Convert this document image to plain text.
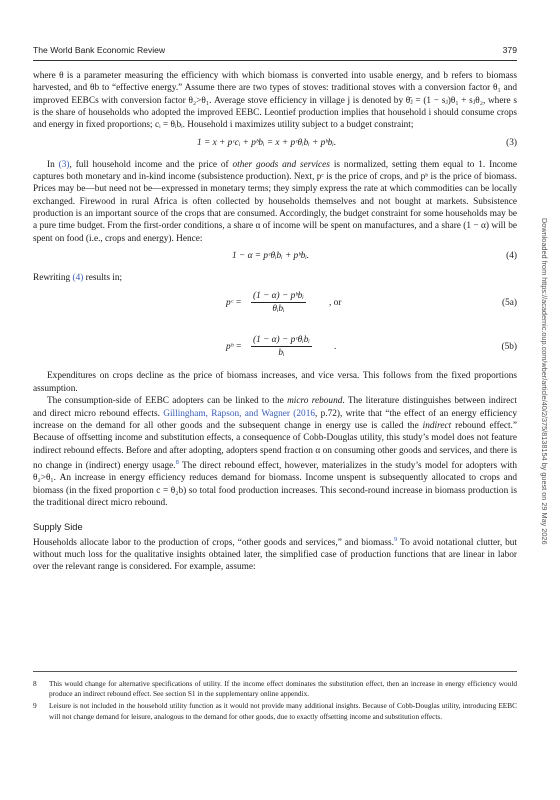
The World Bank Economic Review	379

where θ is a parameter measuring the efficiency with which biomass is converted into usable energy, and b refers to biomass harvested, and θb to “effective energy.” Assume there are two types of stoves: traditional stoves with a conversion factor θ₁ and improved EEBCs with conversion factor θ₂>θ₁. Average stove efficiency in village j is denoted by θ̄ⱼ = (1 − sⱼ)θ₁ + sⱼθ₂, where s is the share of households who adopted the improved EEBC. Leontief production implies that household i should consume crops and energy in fixed proportions; cᵢ = θᵢbᵢ. Household i maximizes utility subject to a budget constraint;

1 = x + pᶜcᵢ + pᵇbᵢ = x + pᶜθᵢbᵢ + pᵇbᵢ.	(3)

In (3), full household income and the price of other goods and services is normalized, setting them equal to 1. Income captures both monetary and in-kind income (subsistence production). Next, pᶜ is the price of crops, and pᵇ is the price of biomass. Prices may be—but need not be—expressed in monetary terms; they simply express the rate at which commodities can be locally exchanged. Firewood in rural Africa is often collected by households themselves and not bought at markets. Subsistence production is an important source of the crops that are consumed. Accordingly, the budget constraint for some households may be a pure time budget. From the first-order conditions, a share α of income will be spent on manufactures, and a share (1 − α) will be spent on food (i.e., crops and energy). Hence:

1 − α = pᶜθᵢbᵢ + pᵇbᵢ.	(4)

Rewriting (4) results in;

pᶜ = $\frac{\text{(1 − α) − pᵇbᵢ}}{\text{θᵢbᵢ}}$ , or	(5a)
pᵇ = $\frac{\text{(1 − α) − pᶜθᵢbᵢ}}{\text{bᵢ}}$ .	(5b)

Expenditures on crops decline as the price of biomass increases, and vice versa. This follows from the fixed proportions assumption.

The consumption-side of EEBC adopters can be linked to the micro rebound. The literature distinguishes between indirect and direct micro rebound effects. Gillingham, Rapson, and Wagner (2016, p.72), write that “the effect of an energy efficiency increase on the demand for all other goods and the subsequent change in energy use is called the indirect rebound effect.” Because of offsetting income and substitution effects, a consequence of Cobb-Douglas utility, this study’s model does not feature indirect rebound effects. Before and after adopting, adopters spend fraction α on consuming other goods and services, and there is no change in (indirect) energy usage.$^8$ The direct rebound effect, however, materializes in the study’s model for adopters with θ₂>θ₁. An increase in energy efficiency reduces demand for biomass. Income unspent is subsequently allocated to crops and biomass (in the fixed proportion c = θ₂b) so total food production increases. This second-round increase in biomass production is the traditional direct micro rebound.

Supply Side

Households allocate labor to the production of crops, “other goods and services,” and biomass.$^9$ To avoid notational clutter, but without much loss for the qualitative insights obtained later, the simplified case of production functions that are linear in labor over the relevant range is considered. For example, assume:

8 This would change for alternative specifications of utility. If the income effect dominates the substitution effect, then an increase in energy efficiency would produce an indirect rebound effect. See section S1 in the supplementary online appendix.
9 Leisure is not included in the household utility function as it would not provide many additional insights. Because of Cobb-Douglas utility, introducing EEBC will not change demand for leisure, analogous to the demand for other goods, due to exactly offsetting income and substitution effects.
Downloaded from https://academic.oup.com/wber/article/40/2/375/8138154 by guest on 29 May 2026
